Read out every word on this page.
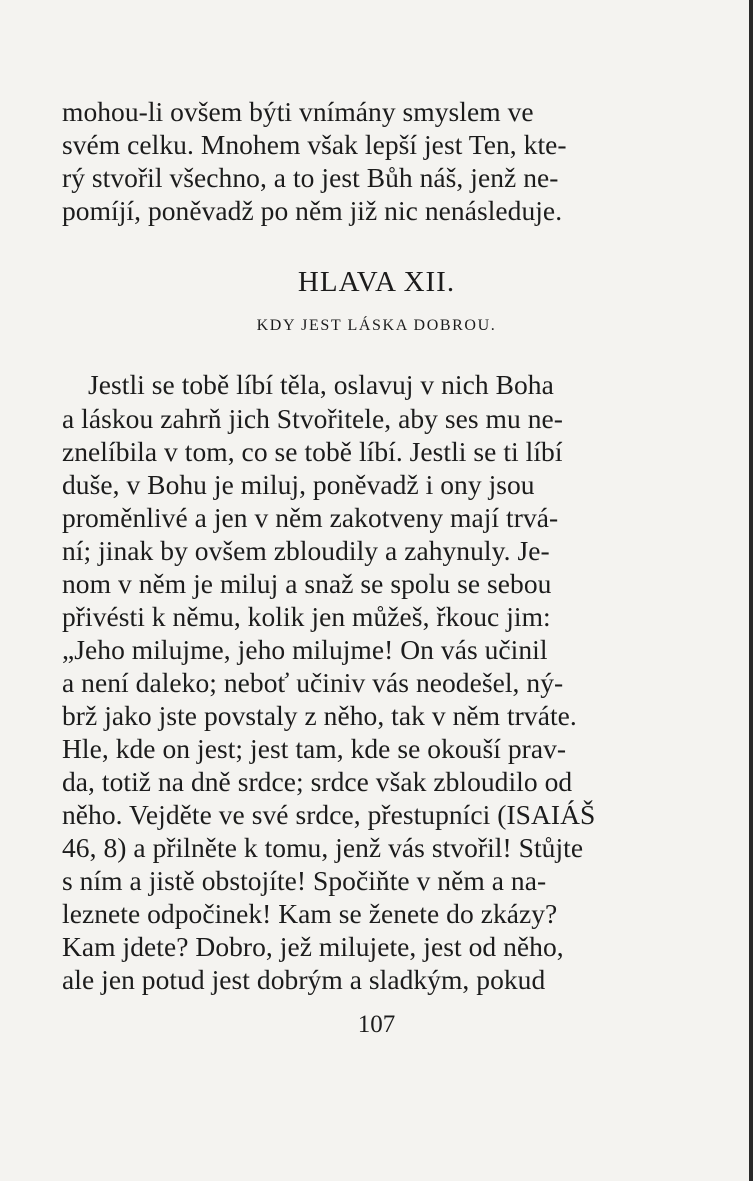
mohou-li ovšem býti vnímány smyslem ve
svém celku. Mnohem však lepší jest Ten, kte-
rý stvořil všechno, a to jest Bůh náš, jenž ne-
pomíjí, poněvadž po něm již nic nenásleduje.
HLAVA XII.
KDY JEST LÁSKA DOBROU.
Jestli se tobě líbí těla, oslavuj v nich Boha
a láskou zahrň jich Stvořitele, aby ses mu ne-
znelíbila v tom, co se tobě líbí. Jestli se ti líbí
duše, v Bohu je miluj, poněvadž i ony jsou
proměnlivé a jen v něm zakotveny mají trvá-
ní; jinak by ovšem zbloudily a zahynuly. Je-
nom v něm je miluj a snaž se spolu se sebou
přivésti k němu, kolik jen můžeš, řkouc jim:
„Jeho milujme, jeho milujme! On vás učinil
a není daleko; neboť učiniv vás neodešel, ný-
brž jako jste povstaly z něho, tak v něm trváte.
Hle, kde on jest; jest tam, kde se okouší prav-
da, totiž na dně srdce; srdce však zbloudilo od
něho. Vejděte ve své srdce, přestupníci (ISAIÁŠ
46, 8) a přilněte k tomu, jenž vás stvořil! Stůjte
s ním a jistě obstojíte! Spočiňte v něm a na-
leznete odpočinek! Kam se ženete do zkázy?
Kam jdete? Dobro, jež milujete, jest od něho,
ale jen potud jest dobrým a sladkým, pokud
107
